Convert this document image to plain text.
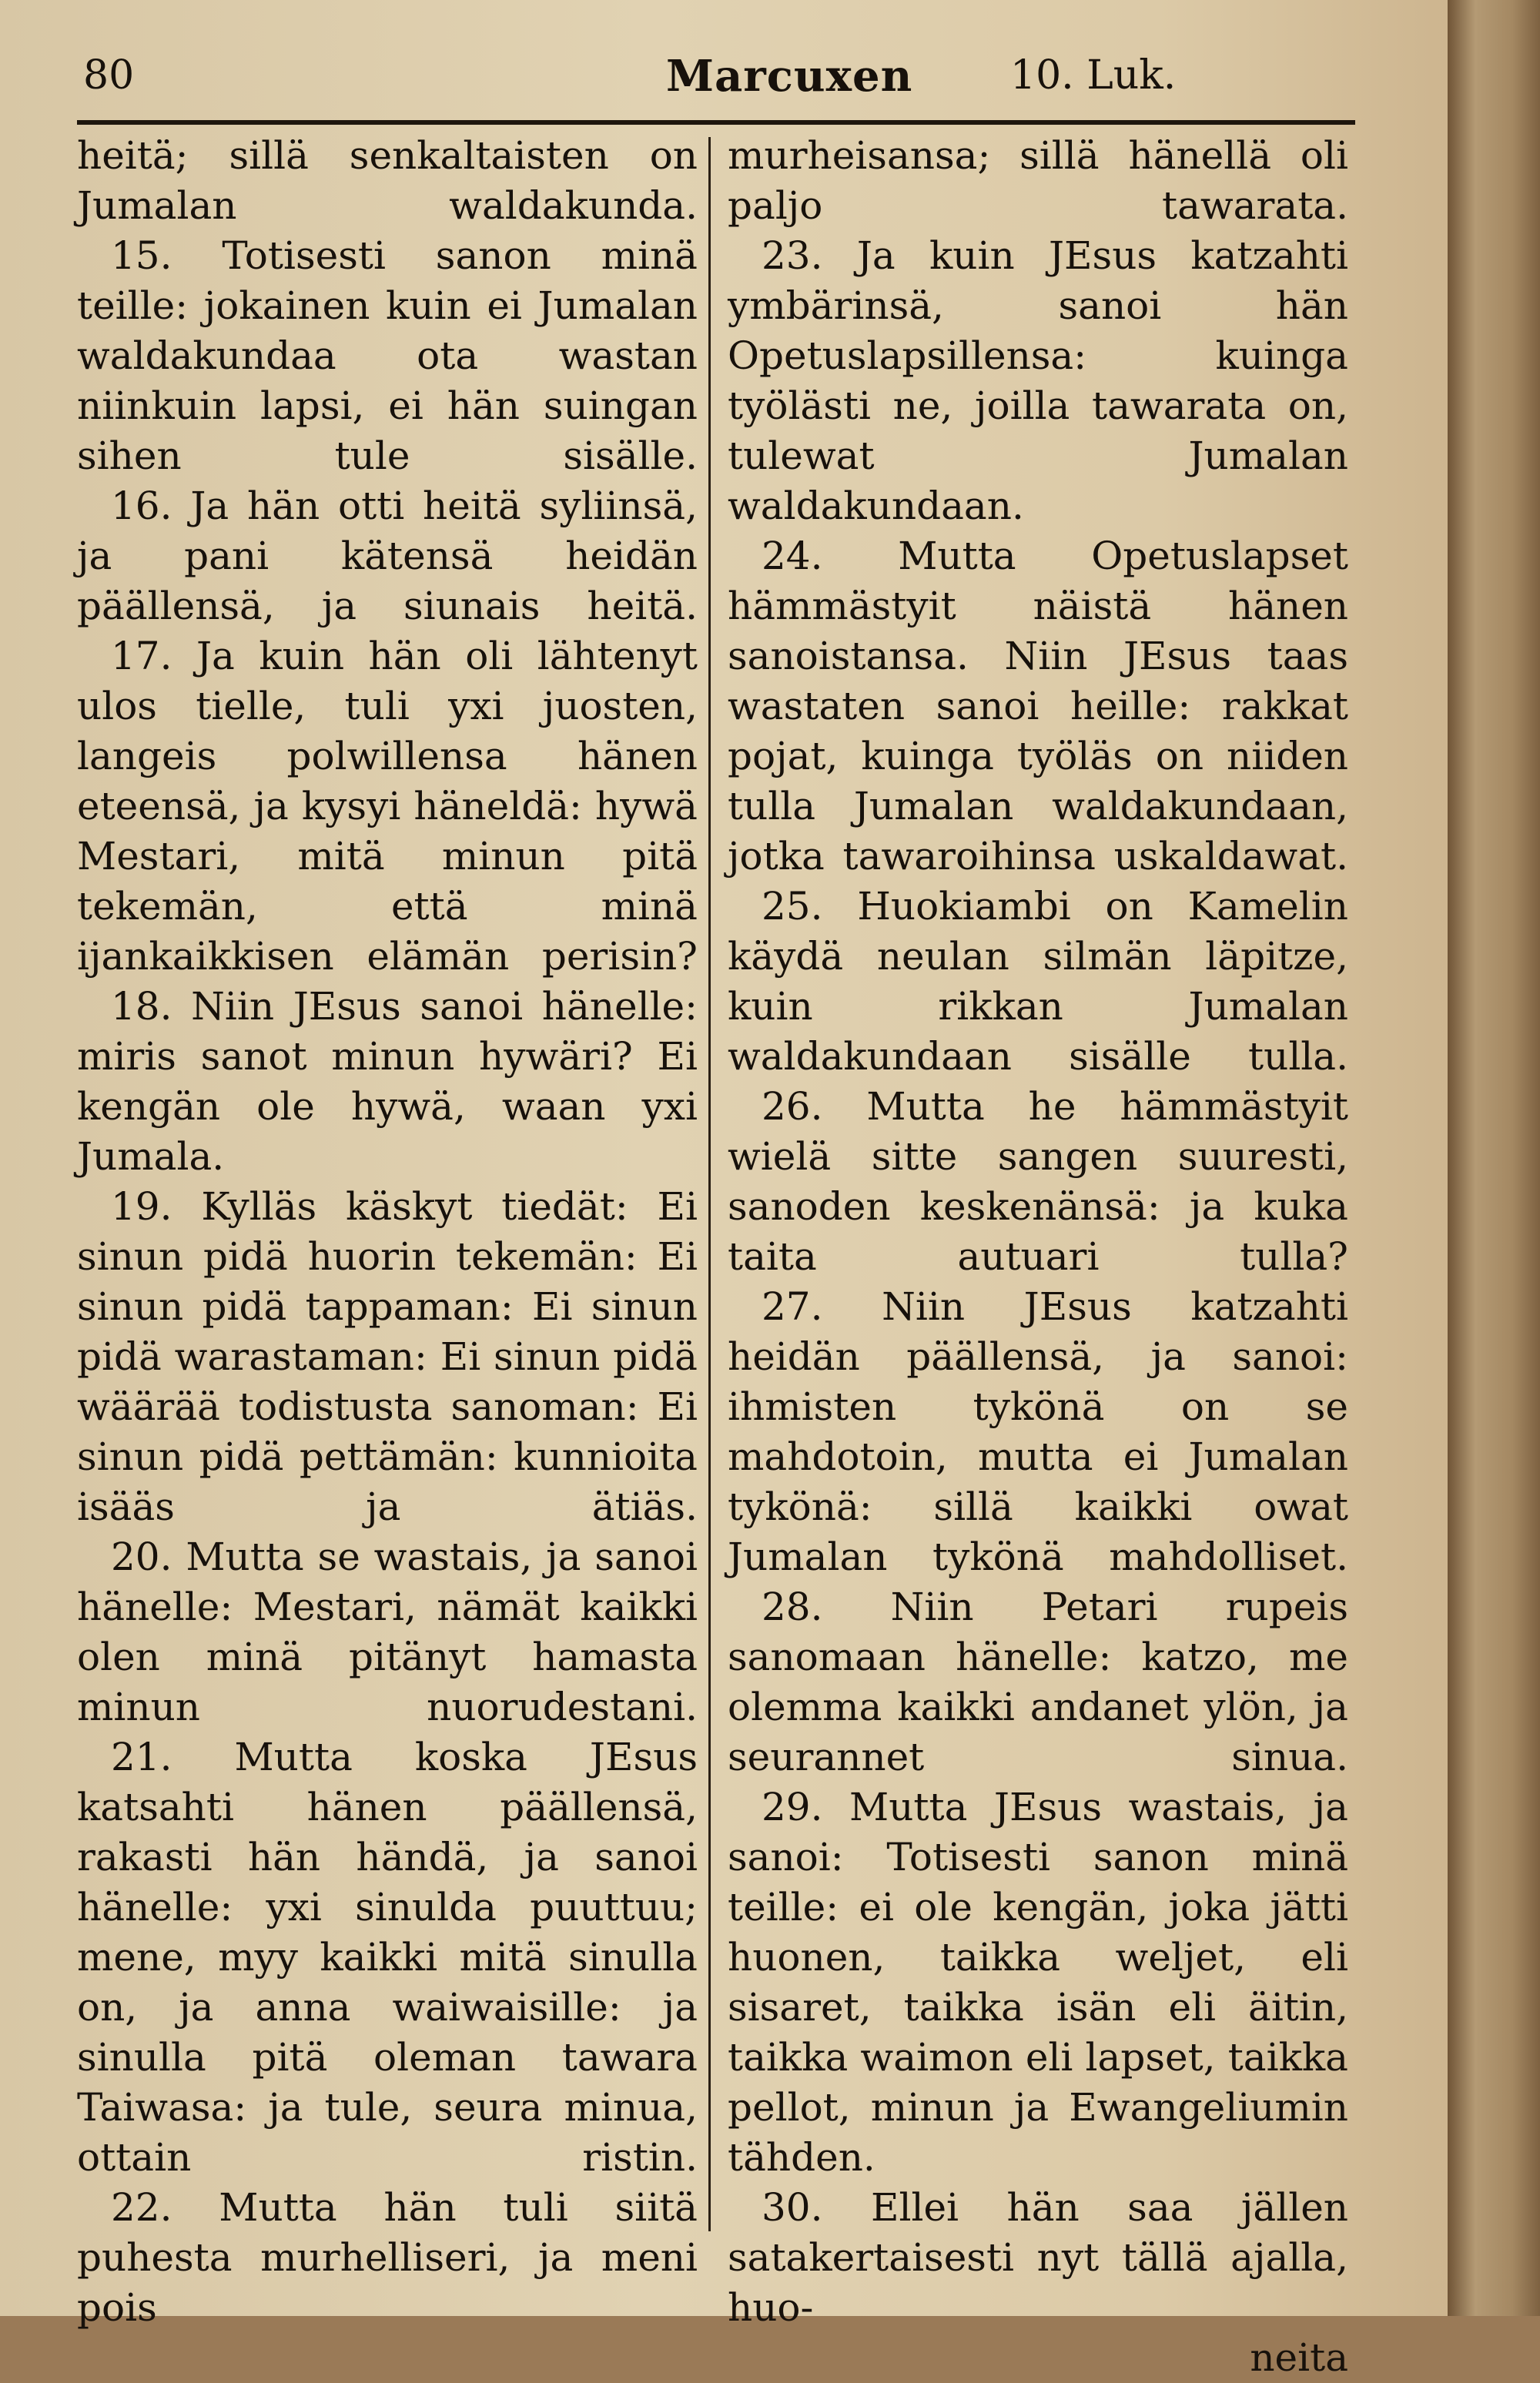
80	Marcuxen 10. Luk.

heitä; sillä senkaltaisten on Jumalan waldakunda.

15. Totisesti sanon minä teille: jokainen kuin ei Jumalan waldakundaa ota wastan niinkuin lapsi, ei hän suingan sihen tule sisälle.

16. Ja hän otti heitä syliinsä, ja pani kätensä heidän päällensä, ja siunais heitä.

17. Ja kuin hän oli lähtenyt ulos tielle, tuli yxi juosten, langeis polwillensa hänen eteensä, ja kysyi häneldä: hywä Mestari, mitä minun pitä tekemän, että minä ijankaikkisen elämän perisin?

18. Niin JEsus sanoi hänelle: miris sanot minun hywäri? Ei kengän ole hywä, waan yxi Jumala.

19. Kylläs käskyt tiedät: Ei sinun pidä huorin tekemän: Ei sinun pidä tappaman: Ei sinun pidä warastaman: Ei sinun pidä wäärää todistusta sanoman: Ei sinun pidä pettämän: kunnioita isääs ja ätiäs.

20. Mutta se wastais, ja sanoi hänelle: Mestari, nämät kaikki olen minä pitänyt hamasta minun nuorudestani.

21. Mutta koska JEsus katsahti hänen päällensä, rakasti hän händä, ja sanoi hänelle: yxi sinulda puuttuu; mene, myy kaikki mitä sinulla on, ja anna waiwaisille: ja sinulla pitä oleman tawara Taiwasa: ja tule, seura minua, ottain ristin.

22. Mutta hän tuli siitä puhesta murhelliseri, ja meni pois

murheisansa; sillä hänellä oli paljo tawarata.

23. Ja kuin JEsus katzahti ymbärinsä, sanoi hän Opetuslapsillensa: kuinga työlästi ne, joilla tawarata on, tulewat Jumalan waldakundaan.

24. Mutta Opetuslapset hämmästyit näistä hänen sanoistansa. Niin JEsus taas wastaten sanoi heille: rakkat pojat, kuinga työläs on niiden tulla Jumalan waldakundaan, jotka tawaroihinsa uskaldawat.

25. Huokiambi on Kamelin käydä neulan silmän läpitze, kuin rikkan Jumalan waldakundaan sisälle tulla.

26. Mutta he hämmästyit wielä sitte sangen suuresti, sanoden keskenänsä: ja kuka taita autuari tulla?

27. Niin JEsus katzahti heidän päällensä, ja sanoi: ihmisten tykönä on se mahdotoin, mutta ei Jumalan tykönä: sillä kaikki owat Jumalan tykönä mahdolliset.

28. Niin Petari rupeis sanomaan hänelle: katzo, me olemma kaikki andanet ylön, ja seurannet sinua.

29. Mutta JEsus wastais, ja sanoi: Totisesti sanon minä teille: ei ole kengän, joka jätti huonen, taikka weljet, eli sisaret, taikka isän eli äitin, taikka waimon eli lapset, taikka pellot, minun ja Ewangeliumin tähden.

30. Ellei hän saa jällen satakertaisesti nyt tällä ajalla, huo-

neita
